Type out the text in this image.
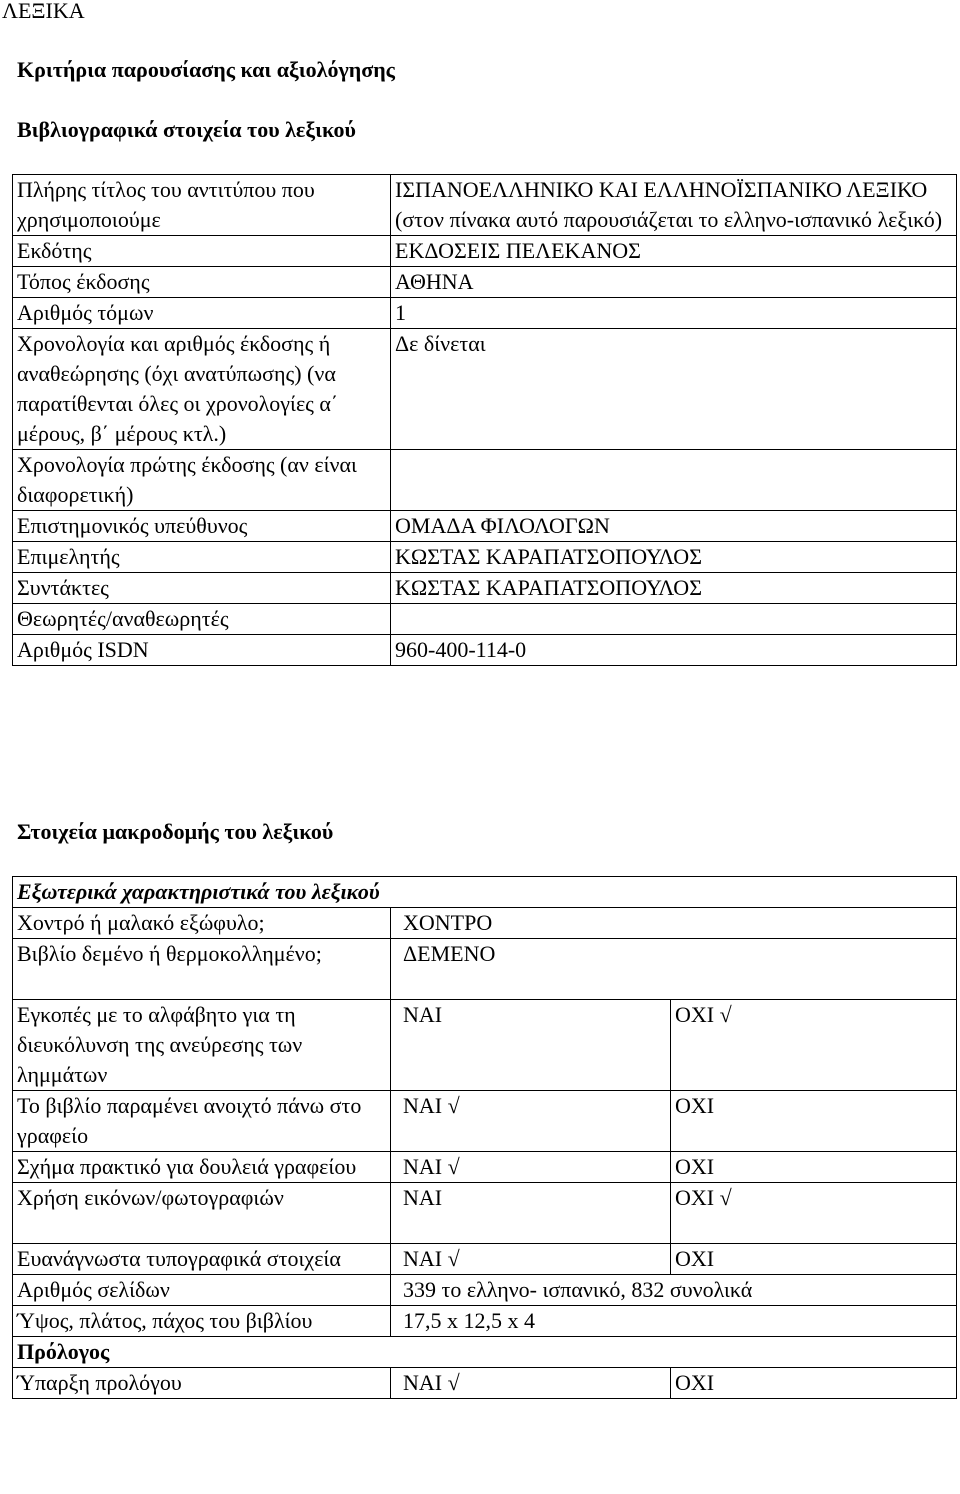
ΛΕΞΙΚΑ
Κριτήρια παρουσίασης και αξιολόγησης
Βιβλιογραφικά στοιχεία του λεξικού
Πλήρης τίτλος του αντιτύπου που χρησιμοποιούμε	ΙΣΠΑΝΟΕΛΛΗΝΙΚΟ ΚΑΙ ΕΛΛΗΝΟΪΣΠΑΝΙΚΟ ΛΕΞΙΚΟ (στον πίνακα αυτό παρουσιάζεται το ελληνο-ισπανικό λεξικό)
Εκδότης	ΕΚΔΟΣΕΙΣ ΠΕΛΕΚΑΝΟΣ
Τόπος έκδοσης	ΑΘΗΝΑ
Αριθμός τόμων	1
Χρονολογία και αριθμός έκδοσης ή αναθεώρησης (όχι ανατύπωσης) (να παρατίθενται όλες οι χρονολογίες α΄ μέρους, β΄ μέρους κτλ.)	Δε δίνεται
Χρονολογία πρώτης έκδοσης (αν είναι διαφορετική)	
Επιστημονικός υπεύθυνος	ΟΜΑΔΑ ΦΙΛΟΛΟΓΩΝ
Επιμελητής	ΚΩΣΤΑΣ ΚΑΡΑΠΑΤΣΟΠΟΥΛΟΣ
Συντάκτες	ΚΩΣΤΑΣ ΚΑΡΑΠΑΤΣΟΠΟΥΛΟΣ
Θεωρητές/αναθεωρητές	
Αριθμός ISDN	960-400-114-0
Στοιχεία μακροδομής του λεξικού
Εξωτερικά χαρακτηριστικά του λεξικού		
Χοντρό ή μαλακό εξώφυλο;	ΧΟΝΤΡΟ	
Βιβλίο δεμένο ή θερμοκολλημένο;	ΔΕΜΕΝΟ	
Εγκοπές με το αλφάβητο για τη διευκόλυνση της ανεύρεσης των λημμάτων	ΝΑΙ	ΟΧΙ √
Το βιβλίο παραμένει ανοιχτό πάνω στο γραφείο	ΝΑΙ √	ΟΧΙ
Σχήμα πρακτικό για δουλειά γραφείου	ΝΑΙ √	ΟΧΙ
Χρήση εικόνων/φωτογραφιών	ΝΑΙ	ΟΧΙ √
Ευανάγνωστα τυπογραφικά στοιχεία	ΝΑΙ √	ΟΧΙ
Αριθμός σελίδων	339 το ελληνο- ισπανικό, 832 συνολικά	
Ύψος, πλάτος, πάχος του βιβλίου	17,5 x 12,5 x 4	
Πρόλογος		
Ύπαρξη προλόγου	ΝΑΙ √	ΟΧΙ
